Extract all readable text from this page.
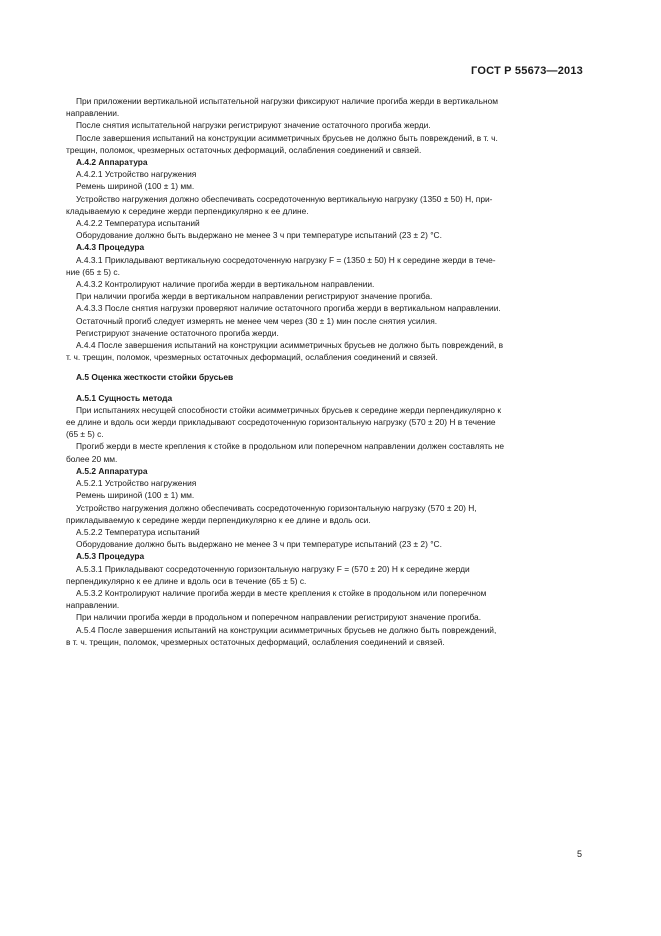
ГОСТ Р 55673—2013
При приложении вертикальной испытательной нагрузки фиксируют наличие прогиба жерди в вертикальном
направлении.
После снятия испытательной нагрузки регистрируют значение остаточного прогиба жерди.
После завершения испытаний на конструкции асимметричных брусьев не должно быть повреждений, в т. ч.
трещин, поломок, чрезмерных остаточных деформаций, ослабления соединений и связей.
А.4.2 Аппаратура
А.4.2.1 Устройство нагружения
Ремень шириной (100 ± 1) мм.
Устройство нагружения должно обеспечивать сосредоточенную вертикальную нагрузку (1350 ± 50) Н, при-
кладываемую к середине жерди перпендикулярно к ее длине.
А.4.2.2 Температура испытаний
Оборудование должно быть выдержано не менее 3 ч при температуре испытаний (23 ± 2) °С.
А.4.3 Процедура
А.4.3.1 Прикладывают вертикальную сосредоточенную нагрузку F = (1350 ± 50) Н к середине жерди в тече-
ние (65 ± 5) с.
А.4.3.2 Контролируют наличие прогиба жерди в вертикальном направлении.
При наличии прогиба жерди в вертикальном направлении регистрируют значение прогиба.
А.4.3.3 После снятия нагрузки проверяют наличие остаточного прогиба жерди в вертикальном направлении.
Остаточный прогиб следует измерять не менее чем через (30 ± 1) мин после снятия усилия.
Регистрируют значение остаточного прогиба жерди.
А.4.4 После завершения испытаний на конструкции асимметричных брусьев не должно быть повреждений, в
т. ч. трещин, поломок, чрезмерных остаточных деформаций, ослабления соединений и связей.
А.5 Оценка жесткости стойки брусьев
А.5.1 Сущность метода
При испытаниях несущей способности стойки асимметричных брусьев к середине жерди перпендикулярно к
ее длине и вдоль оси жерди прикладывают сосредоточенную горизонтальную нагрузку (570 ± 20) Н в течение
(65 ± 5) с.
Прогиб жерди в месте крепления к стойке в продольном или поперечном направлении должен составлять не
более 20 мм.
А.5.2 Аппаратура
А.5.2.1 Устройство нагружения
Ремень шириной (100 ± 1) мм.
Устройство нагружения должно обеспечивать сосредоточенную горизонтальную нагрузку (570 ± 20) Н,
прикладываемую к середине жерди перпендикулярно к ее длине и вдоль оси.
А.5.2.2 Температура испытаний
Оборудование должно быть выдержано не менее 3 ч при температуре испытаний (23 ± 2) °С.
А.5.3 Процедура
А.5.3.1 Прикладывают сосредоточенную горизонтальную нагрузку F = (570 ± 20) Н к середине жерди
перпендикулярно к ее длине и вдоль оси в течение (65 ± 5) с.
А.5.3.2 Контролируют наличие прогиба жерди в месте крепления к стойке в продольном или поперечном
направлении.
При наличии прогиба жерди в продольном и поперечном направлении регистрируют значение прогиба.
А.5.4 После завершения испытаний на конструкции асимметричных брусьев не должно быть повреждений,
в т. ч. трещин, поломок, чрезмерных остаточных деформаций, ослабления соединений и связей.
5
